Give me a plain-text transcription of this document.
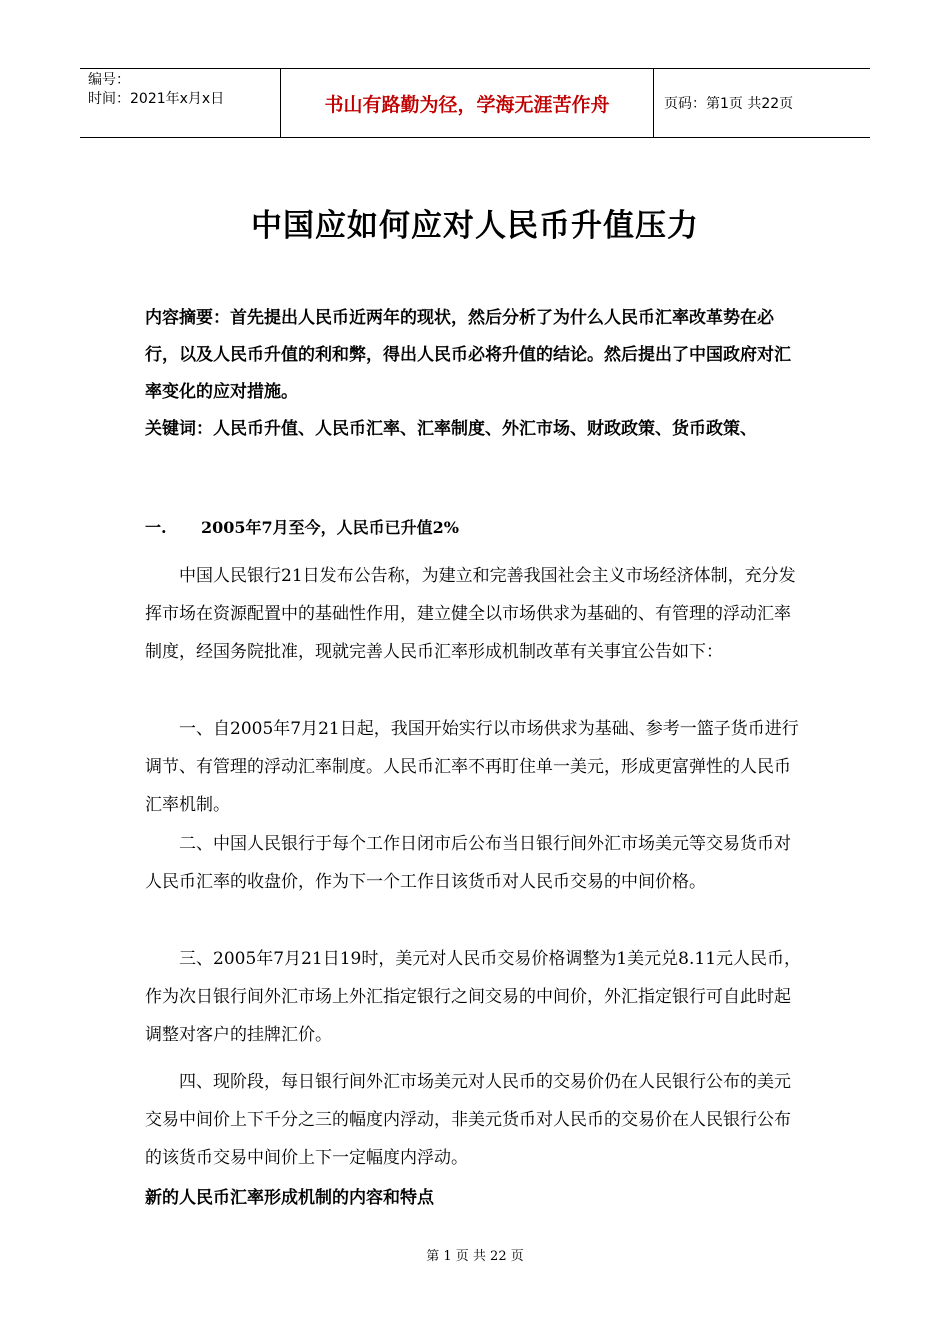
编号：
时间：2021年x月x日	书山有路勤为径，学海无涯苦作舟	页码：第1页 共22页
中国应如何应对人民币升值压力

内容摘要：首先提出人民币近两年的现状，然后分析了为什么人民币汇率改革势在必行，以及人民币升值的利和弊，得出人民币必将升值的结论。然后提出了中国政府对汇率变化的应对措施。

关键词：人民币升值、人民币汇率、汇率制度、外汇市场、财政政策、货币政策、

一. 2005年7月至今，人民币已升值2%

中国人民银行21日发布公告称，为建立和完善我国社会主义市场经济体制，充分发挥市场在资源配置中的基础性作用，建立健全以市场供求为基础的、有管理的浮动汇率制度，经国务院批准，现就完善人民币汇率形成机制改革有关事宜公告如下：

一、自2005年7月21日起，我国开始实行以市场供求为基础、参考一篮子货币进行调节、有管理的浮动汇率制度。人民币汇率不再盯住单一美元，形成更富弹性的人民币汇率机制。

二、中国人民银行于每个工作日闭市后公布当日银行间外汇市场美元等交易货币对人民币汇率的收盘价，作为下一个工作日该货币对人民币交易的中间价格。

三、2005年7月21日19时，美元对人民币交易价格调整为1美元兑8.11元人民币，作为次日银行间外汇市场上外汇指定银行之间交易的中间价，外汇指定银行可自此时起调整对客户的挂牌汇价。

四、现阶段，每日银行间外汇市场美元对人民币的交易价仍在人民银行公布的美元交易中间价上下千分之三的幅度内浮动，非美元货币对人民币的交易价在人民银行公布的该货币交易中间价上下一定幅度内浮动。

新的人民币汇率形成机制的内容和特点
第 1 页 共 22 页
